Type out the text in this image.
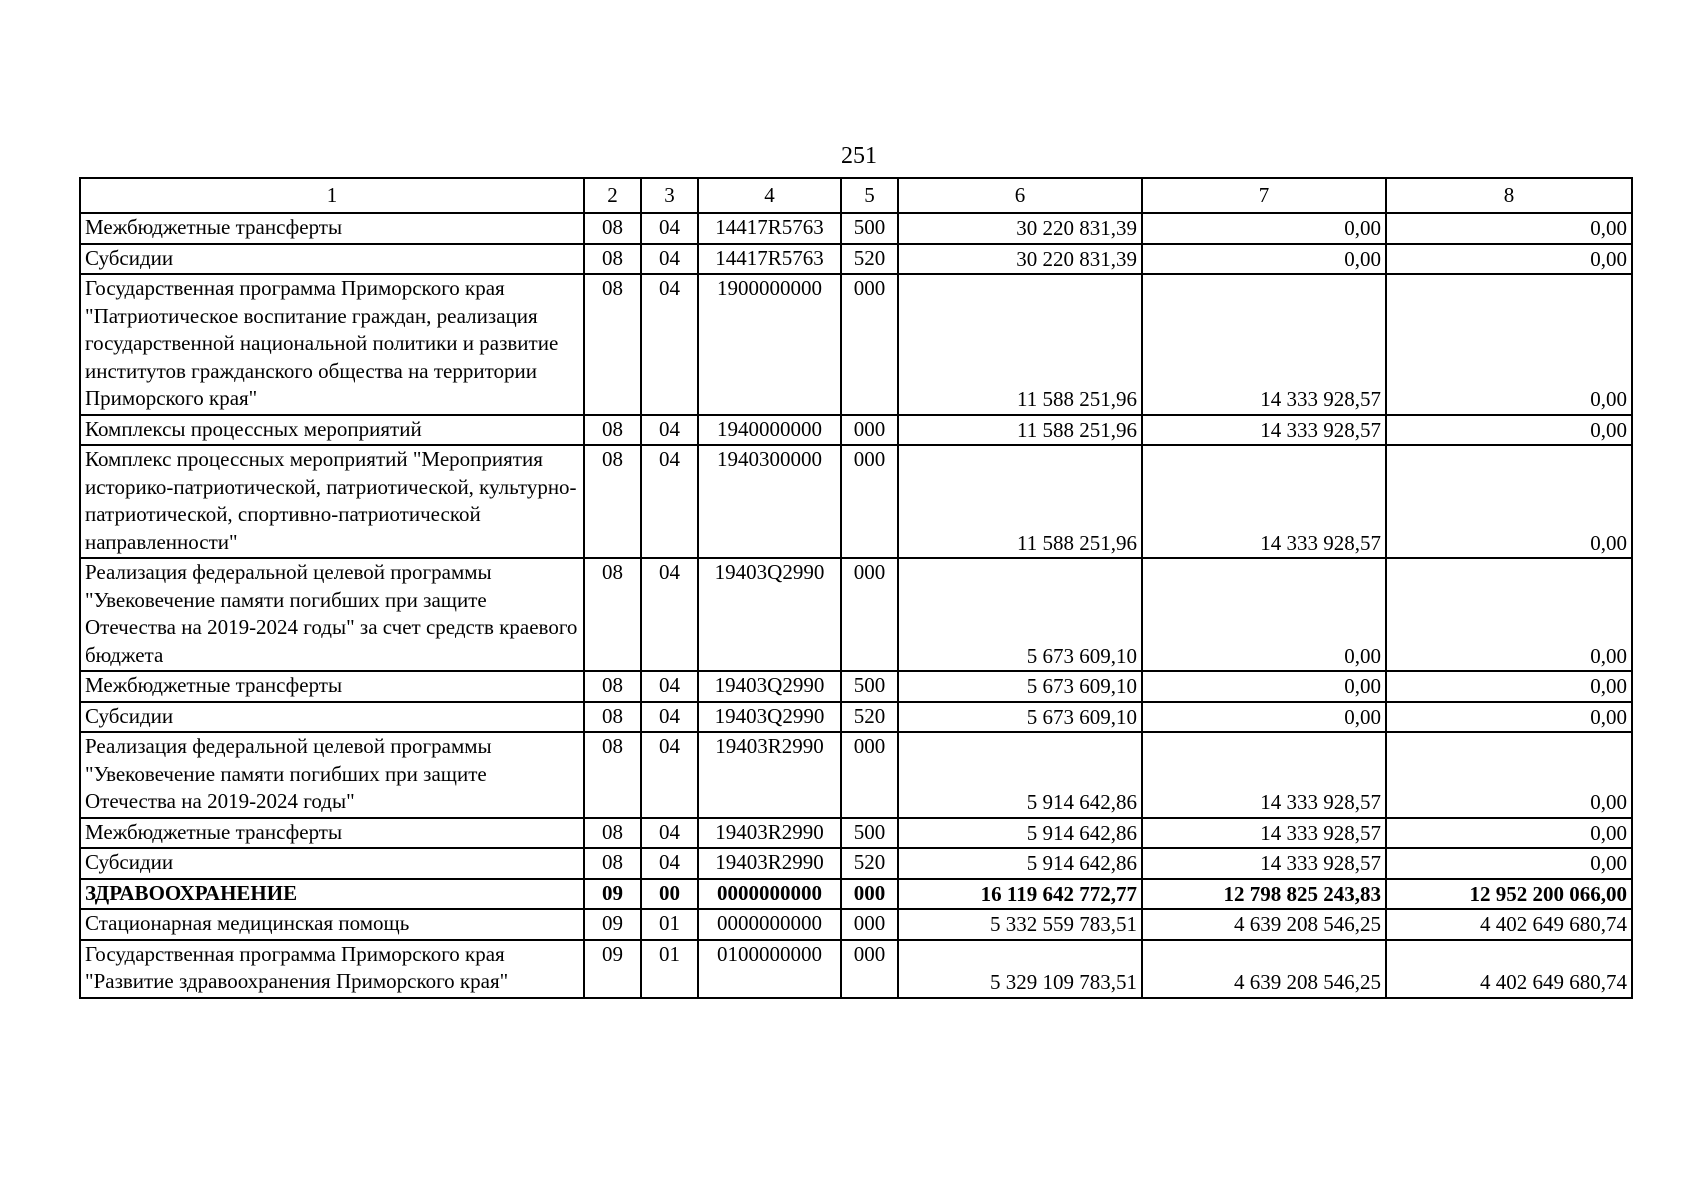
251
1	2	3	4	5	6	7	8
Межбюджетные трансферты	08	04	14417R5763	500	30 220 831,39	0,00	0,00
Субсидии	08	04	14417R5763	520	30 220 831,39	0,00	0,00
Государственная программа Приморского края "Патриотическое воспитание граждан, реализация государственной национальной политики и развитие институтов гражданского общества на территории Приморского края"	08	04	1900000000	000	11 588 251,96	14 333 928,57	0,00
Комплексы процессных мероприятий	08	04	1940000000	000	11 588 251,96	14 333 928,57	0,00
Комплекс процессных мероприятий "Мероприятия историко-патриотической, патриотической, культурно-патриотической, спортивно-патриотической направленности"	08	04	1940300000	000	11 588 251,96	14 333 928,57	0,00
Реализация федеральной целевой программы "Увековечение памяти погибших при защите Отечества на 2019-2024 годы" за счет средств краевого бюджета	08	04	19403Q2990	000	5 673 609,10	0,00	0,00
Межбюджетные трансферты	08	04	19403Q2990	500	5 673 609,10	0,00	0,00
Субсидии	08	04	19403Q2990	520	5 673 609,10	0,00	0,00
Реализация федеральной целевой программы "Увековечение памяти погибших при защите Отечества на 2019-2024 годы"	08	04	19403R2990	000	5 914 642,86	14 333 928,57	0,00
Межбюджетные трансферты	08	04	19403R2990	500	5 914 642,86	14 333 928,57	0,00
Субсидии	08	04	19403R2990	520	5 914 642,86	14 333 928,57	0,00
ЗДРАВООХРАНЕНИЕ	09	00	0000000000	000	16 119 642 772,77	12 798 825 243,83	12 952 200 066,00
Стационарная медицинская помощь	09	01	0000000000	000	5 332 559 783,51	4 639 208 546,25	4 402 649 680,74
Государственная программа Приморского края "Развитие здравоохранения Приморского края"	09	01	0100000000	000	5 329 109 783,51	4 639 208 546,25	4 402 649 680,74
